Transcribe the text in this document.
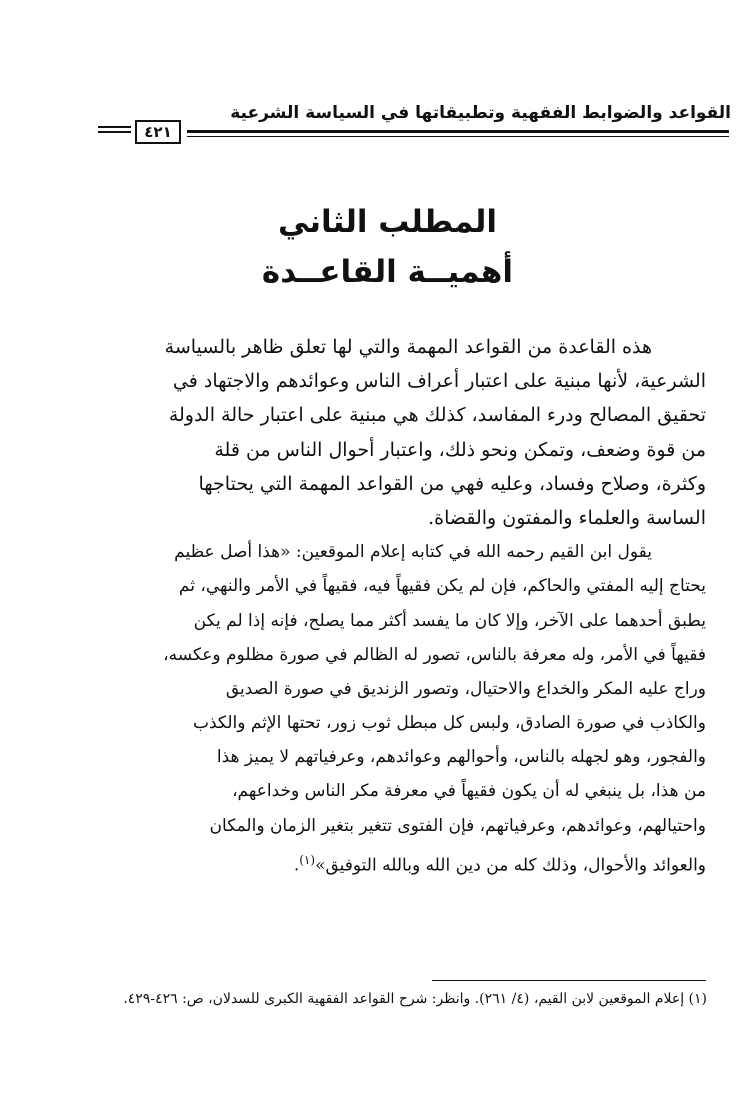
القواعد والضوابط الفقهية وتطبيقاتها في السياسة الشرعية
٤٢١
المطلب الثاني
أهميــة القاعــدة
هذه القاعدة من القواعد المهمة والتي لها تعلق ظاهر بالسياسة
الشرعية، لأنها مبنية على اعتبار أعراف الناس وعوائدهم والاجتهاد في
تحقيق المصالح ودرء المفاسد، كذلك هي مبنية على اعتبار حالة الدولة
من قوة وضعف، وتمكن ونحو ذلك، واعتبار أحوال الناس من قلة
وكثرة، وصلاح وفساد، وعليه فهي من القواعد المهمة التي يحتاجها
الساسة والعلماء والمفتون والقضاة.
يقول ابن القيم رحمه الله في كتابه إعلام الموقعين: «هذا أصل عظيم
يحتاج إليه المفتي والحاكم، فإن لم يكن فقيهاً فيه، فقيهاً في الأمر والنهي، ثم
يطبق أحدهما على الآخر، وإلا كان ما يفسد أكثر مما يصلح، فإنه إذا لم يكن
فقيهاً في الأمر، وله معرفة بالناس، تصور له الظالم في صورة مظلوم وعكسه،
وراج عليه المكر والخداع والاحتيال، وتصور الزنديق في صورة الصديق
والكاذب في صورة الصادق، ولبس كل مبطل ثوب زور، تحتها الإثم والكذب
والفجور، وهو لجهله بالناس، وأحوالهم وعوائدهم، وعرفياتهم لا يميز هذا
من هذا، بل ينبغي له أن يكون فقيهاً في معرفة مكر الناس وخداعهم،
واحتيالهم، وعوائدهم، وعرفياتهم، فإن الفتوى تتغير بتغير الزمان والمكان
والعوائد والأحوال، وذلك كله من دين الله وبالله التوفيق»$^{(١)}$.
(١) إعلام الموقعين لابن القيم، (٤/ ٢٦١). وانظر: شرح القواعد الفقهية الكبرى للسدلان، ص: ٤٢٦-٤٢٩.
